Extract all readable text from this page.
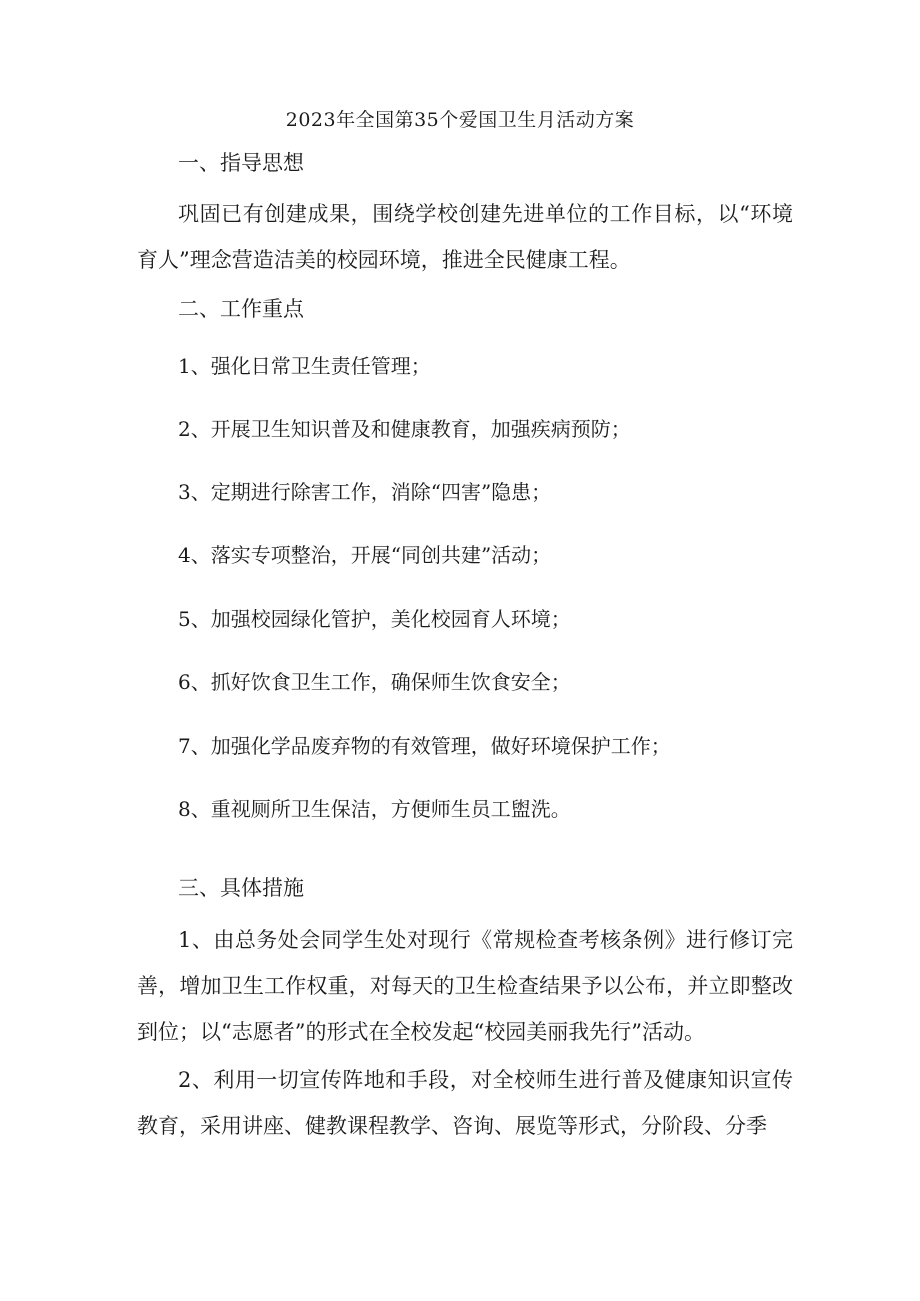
2023年全国第35个爱国卫生月活动方案
一、指导思想
巩固已有创建成果，围绕学校创建先进单位的工作目标，以“环境育人”理念营造洁美的校园环境，推进全民健康工程。
二、工作重点
1、强化日常卫生责任管理；
2、开展卫生知识普及和健康教育，加强疾病预防；
3、定期进行除害工作，消除“四害”隐患；
4、落实专项整治，开展“同创共建”活动；
5、加强校园绿化管护，美化校园育人环境；
6、抓好饮食卫生工作，确保师生饮食安全；
7、加强化学品废弃物的有效管理，做好环境保护工作；
8、重视厕所卫生保洁，方便师生员工盥洗。
三、具体措施
1、由总务处会同学生处对现行《常规检查考核条例》进行修订完善，增加卫生工作权重，对每天的卫生检查结果予以公布，并立即整改到位；以“志愿者”的形式在全校发起“校园美丽我先行”活动。
2、利用一切宣传阵地和手段，对全校师生进行普及健康知识宣传教育，采用讲座、健教课程教学、咨询、展览等形式，分阶段、分季
